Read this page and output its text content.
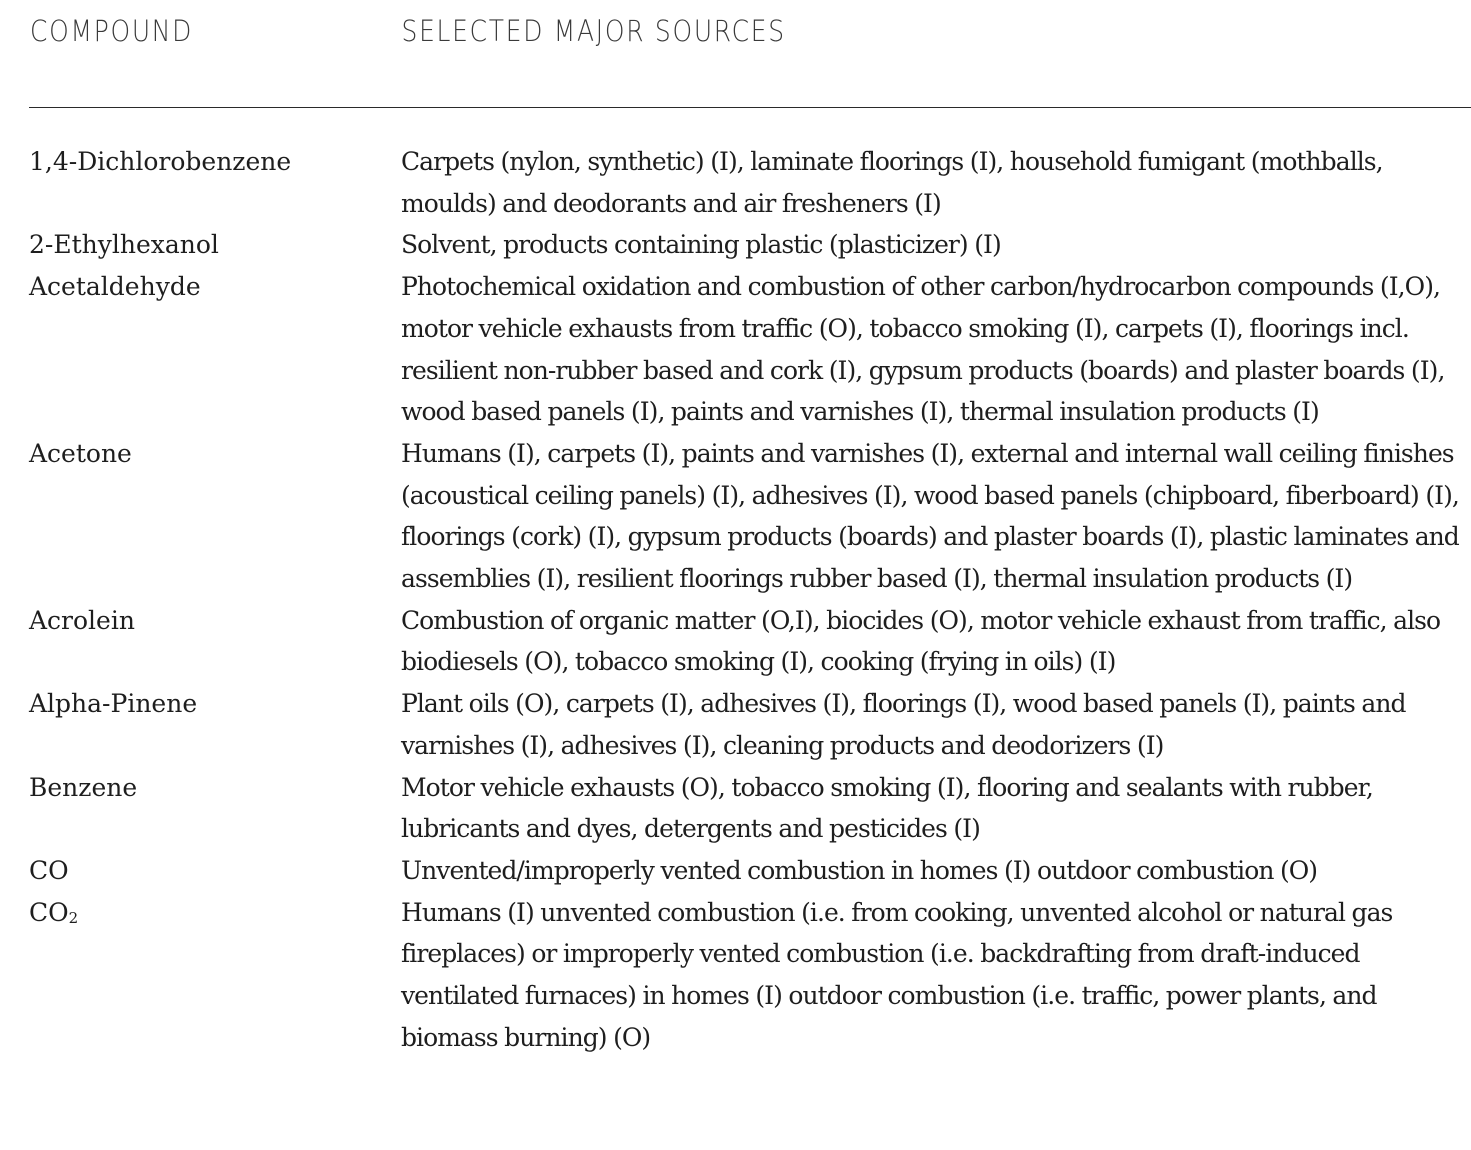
COMPOUND	SELECTED MAJOR SOURCES
1,4-Dichlorobenzene	Carpets (nylon, synthetic) (I), laminate floorings (I), household fumigant (mothballs, moulds) and deodorants and air fresheners (I)
2-Ethylhexanol	Solvent, products containing plastic (plasticizer) (I)
Acetaldehyde	Photochemical oxidation and combustion of other carbon/hydrocarbon compounds (I,O), motor vehicle exhausts from traffic (O), tobacco smoking (I), carpets (I), floorings incl. resilient non-rubber based and cork (I), gypsum products (boards) and plaster boards (I), wood based panels (I), paints and varnishes (I), thermal insulation products (I)
Acetone	Humans (I), carpets (I), paints and varnishes (I), external and internal wall ceiling finishes (acoustical ceiling panels) (I), adhesives (I), wood based panels (chipboard, fiberboard) (I), floorings (cork) (I), gypsum products (boards) and plaster boards (I), plastic laminates and assemblies (I), resilient floorings rubber based (I), thermal insulation products (I)
Acrolein	Combustion of organic matter (O,I), biocides (O), motor vehicle exhaust from traffic, also biodiesels (O), tobacco smoking (I), cooking (frying in oils) (I)
Alpha-Pinene	Plant oils (O), carpets (I), adhesives (I), floorings (I), wood based panels (I), paints and varnishes (I), adhesives (I), cleaning products and deodorizers (I)
Benzene	Motor vehicle exhausts (O), tobacco smoking (I), flooring and sealants with rubber, lubricants and dyes, detergents and pesticides (I)
CO	Unvented/improperly vented combustion in homes (I) outdoor combustion (O)
CO2	Humans (I) unvented combustion (i.e. from cooking, unvented alcohol or natural gas fireplaces) or improperly vented combustion (i.e. backdrafting from draft-induced ventilated furnaces) in homes (I) outdoor combustion (i.e. traffic, power plants, and biomass burning) (O)
